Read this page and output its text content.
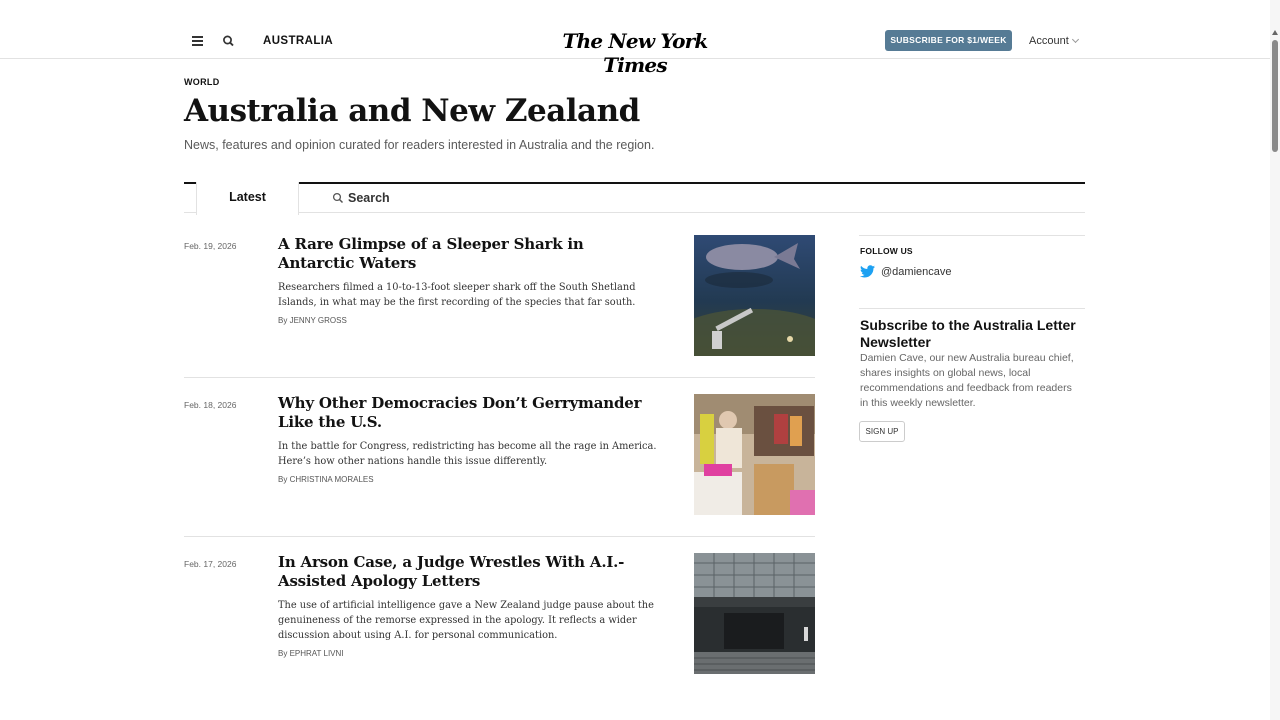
AUSTRALIA	The New York Times
SUBSCRIBE FOR $1/WEEK	Account
WORLD
Australia and New Zealand

News, features and opinion curated for readers interested in Australia and the region.

Latest	Search
Feb. 19, 2026	A Rare Glimpse of a Sleeper Shark in Antarctic Waters

Researchers filmed a 10-to-13-foot sleeper shark off the South Shetland Islands, in what may be the first recording of the species that far south.

By JENNY GROSS
Feb. 18, 2026	Why Other Democracies Don’t Gerrymander Like the U.S.

In the battle for Congress, redistricting has become all the rage in America. Here’s how other nations handle this issue differently.

By CHRISTINA MORALES
Feb. 17, 2026	In Arson Case, a Judge Wrestles With A.I.-Assisted Apology Letters

The use of artificial intelligence gave a New Zealand judge pause about the genuineness of the remorse expressed in the apology. It reflects a wider discussion about using A.I. for personal communication.

By EPHRAT LIVNI
FOLLOW US
@damiencave
Subscribe to the Australia Letter Newsletter

Damien Cave, our new Australia bureau chief, shares insights on global news, local recommendations and feedback from readers in this weekly newsletter.

SIGN UP
